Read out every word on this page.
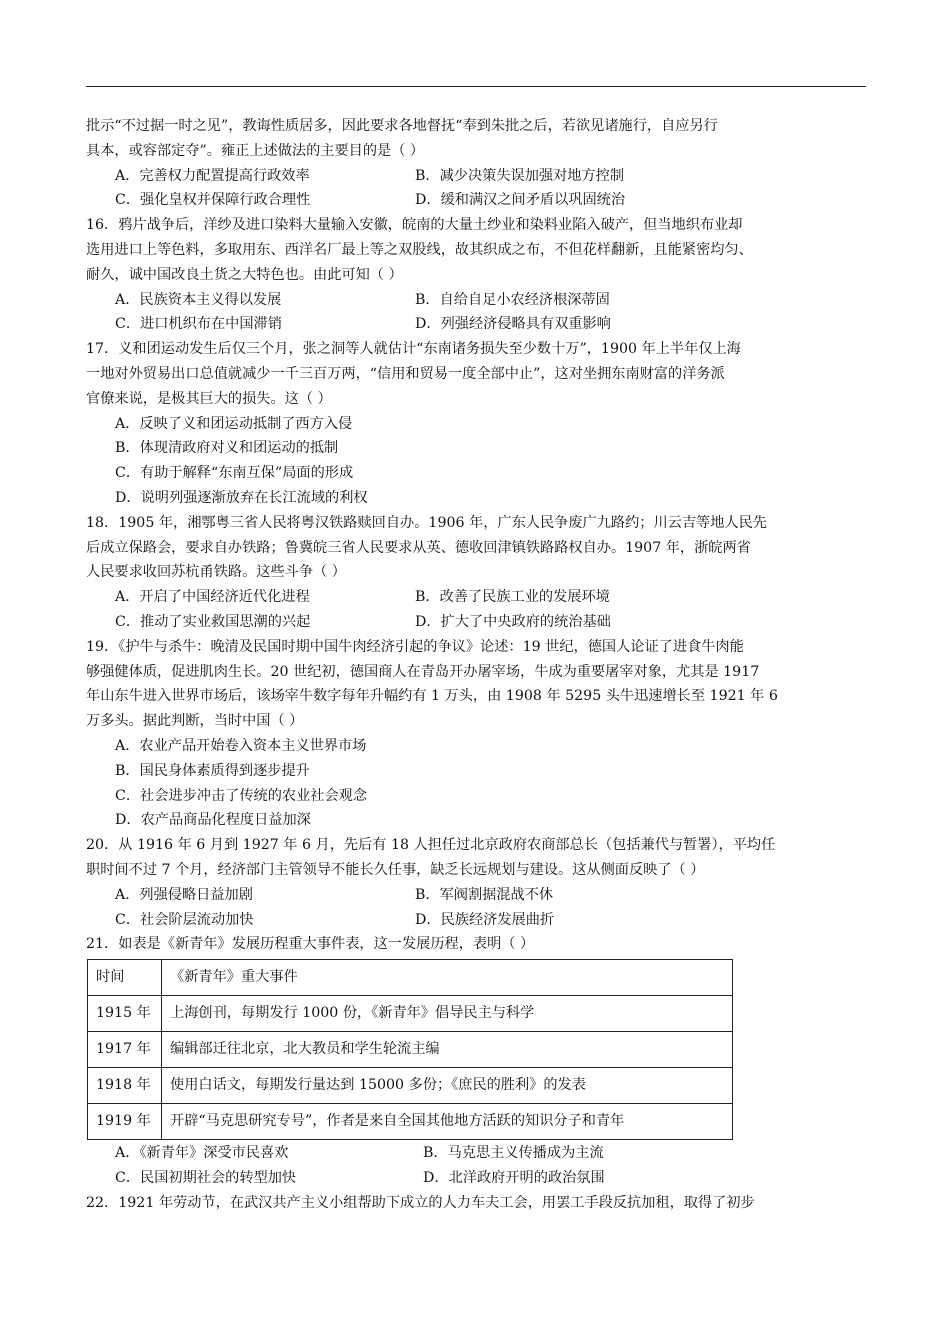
批示“不过据一时之见”，教诲性质居多，因此要求各地督抚“奉到朱批之后，若欲见诸施行，自应另行

具本，或容部定夺”。雍正上述做法的主要目的是（ ）

A．完善权力配置提高行政效率	B．减少决策失误加强对地方控制
C．强化皇权并保障行政合理性	D．缓和满汉之间矛盾以巩固统治

16．鸦片战争后，洋纱及进口染料大量输入安徽，皖南的大量土纱业和染料业陷入破产，但当地织布业却

选用进口上等色料，多取用东、西洋名厂最上等之双股线，故其织成之布，不但花样翻新，且能紧密均匀、

耐久，诚中国改良土货之大特色也。由此可知（ ）

A．民族资本主义得以发展	B．自给自足小农经济根深蒂固
C．进口机织布在中国滞销	D．列强经济侵略具有双重影响

17．义和团运动发生后仅三个月，张之洞等人就估计“东南诸务损失至少数十万”，1900 年上半年仅上海

一地对外贸易出口总值就减少一千三百万两，“信用和贸易一度全部中止”，这对坐拥东南财富的洋务派

官僚来说，是极其巨大的损失。这（ ）

A．反映了义和团运动抵制了西方入侵

B．体现清政府对义和团运动的抵制

C．有助于解释“东南互保”局面的形成

D．说明列强逐渐放弃在长江流域的利权

18．1905 年，湘鄂粤三省人民将粤汉铁路赎回自办。1906 年，广东人民争废广九路约；川云吉等地人民先

后成立保路会，要求自办铁路；鲁冀皖三省人民要求从英、德收回津镇铁路路权自办。1907 年，浙皖两省

人民要求收回苏杭甬铁路。这些斗争（ ）

A．开启了中国经济近代化进程	B．改善了民族工业的发展环境
C．推动了实业救国思潮的兴起	D．扩大了中央政府的统治基础

19．《护牛与杀牛：晚清及民国时期中国牛肉经济引起的争议》论述：19 世纪，德国人论证了进食牛肉能

够强健体质，促进肌肉生长。20 世纪初，德国商人在青岛开办屠宰场，牛成为重要屠宰对象，尤其是 1917

年山东牛进入世界市场后，该场宰牛数字每年升幅约有 1 万头，由 1908 年 5295 头牛迅速增长至 1921 年 6

万多头。据此判断，当时中国（ ）

A．农业产品开始卷入资本主义世界市场

B．国民身体素质得到逐步提升

C．社会进步冲击了传统的农业社会观念

D．农产品商品化程度日益加深

20．从 1916 年 6 月到 1927 年 6 月，先后有 18 人担任过北京政府农商部总长（包括兼代与暂署），平均任

职时间不过 7 个月，经济部门主管领导不能长久任事，缺乏长远规划与建设。这从侧面反映了（ ）

A．列强侵略日益加剧	B．军阀割据混战不休
C．社会阶层流动加快	D．民族经济发展曲折

21．如表是《新青年》发展历程重大事件表，这一发展历程，表明（ ）

时间	《新青年》重大事件
1915 年	上海创刊，每期发行 1000 份，《新青年》倡导民主与科学
1917 年	编辑部迁往北京，北大教员和学生轮流主编
1918 年	使用白话文，每期发行量达到 15000 多份；《庶民的胜利》的发表
1919 年	开辟“马克思研究专号”，作者是来自全国其他地方活跃的知识分子和青年
A．《新青年》深受市民喜欢	B．马克思主义传播成为主流
C．民国初期社会的转型加快	D．北洋政府开明的政治氛围

22．1921 年劳动节，在武汉共产主义小组帮助下成立的人力车夫工会，用罢工手段反抗加租，取得了初步
